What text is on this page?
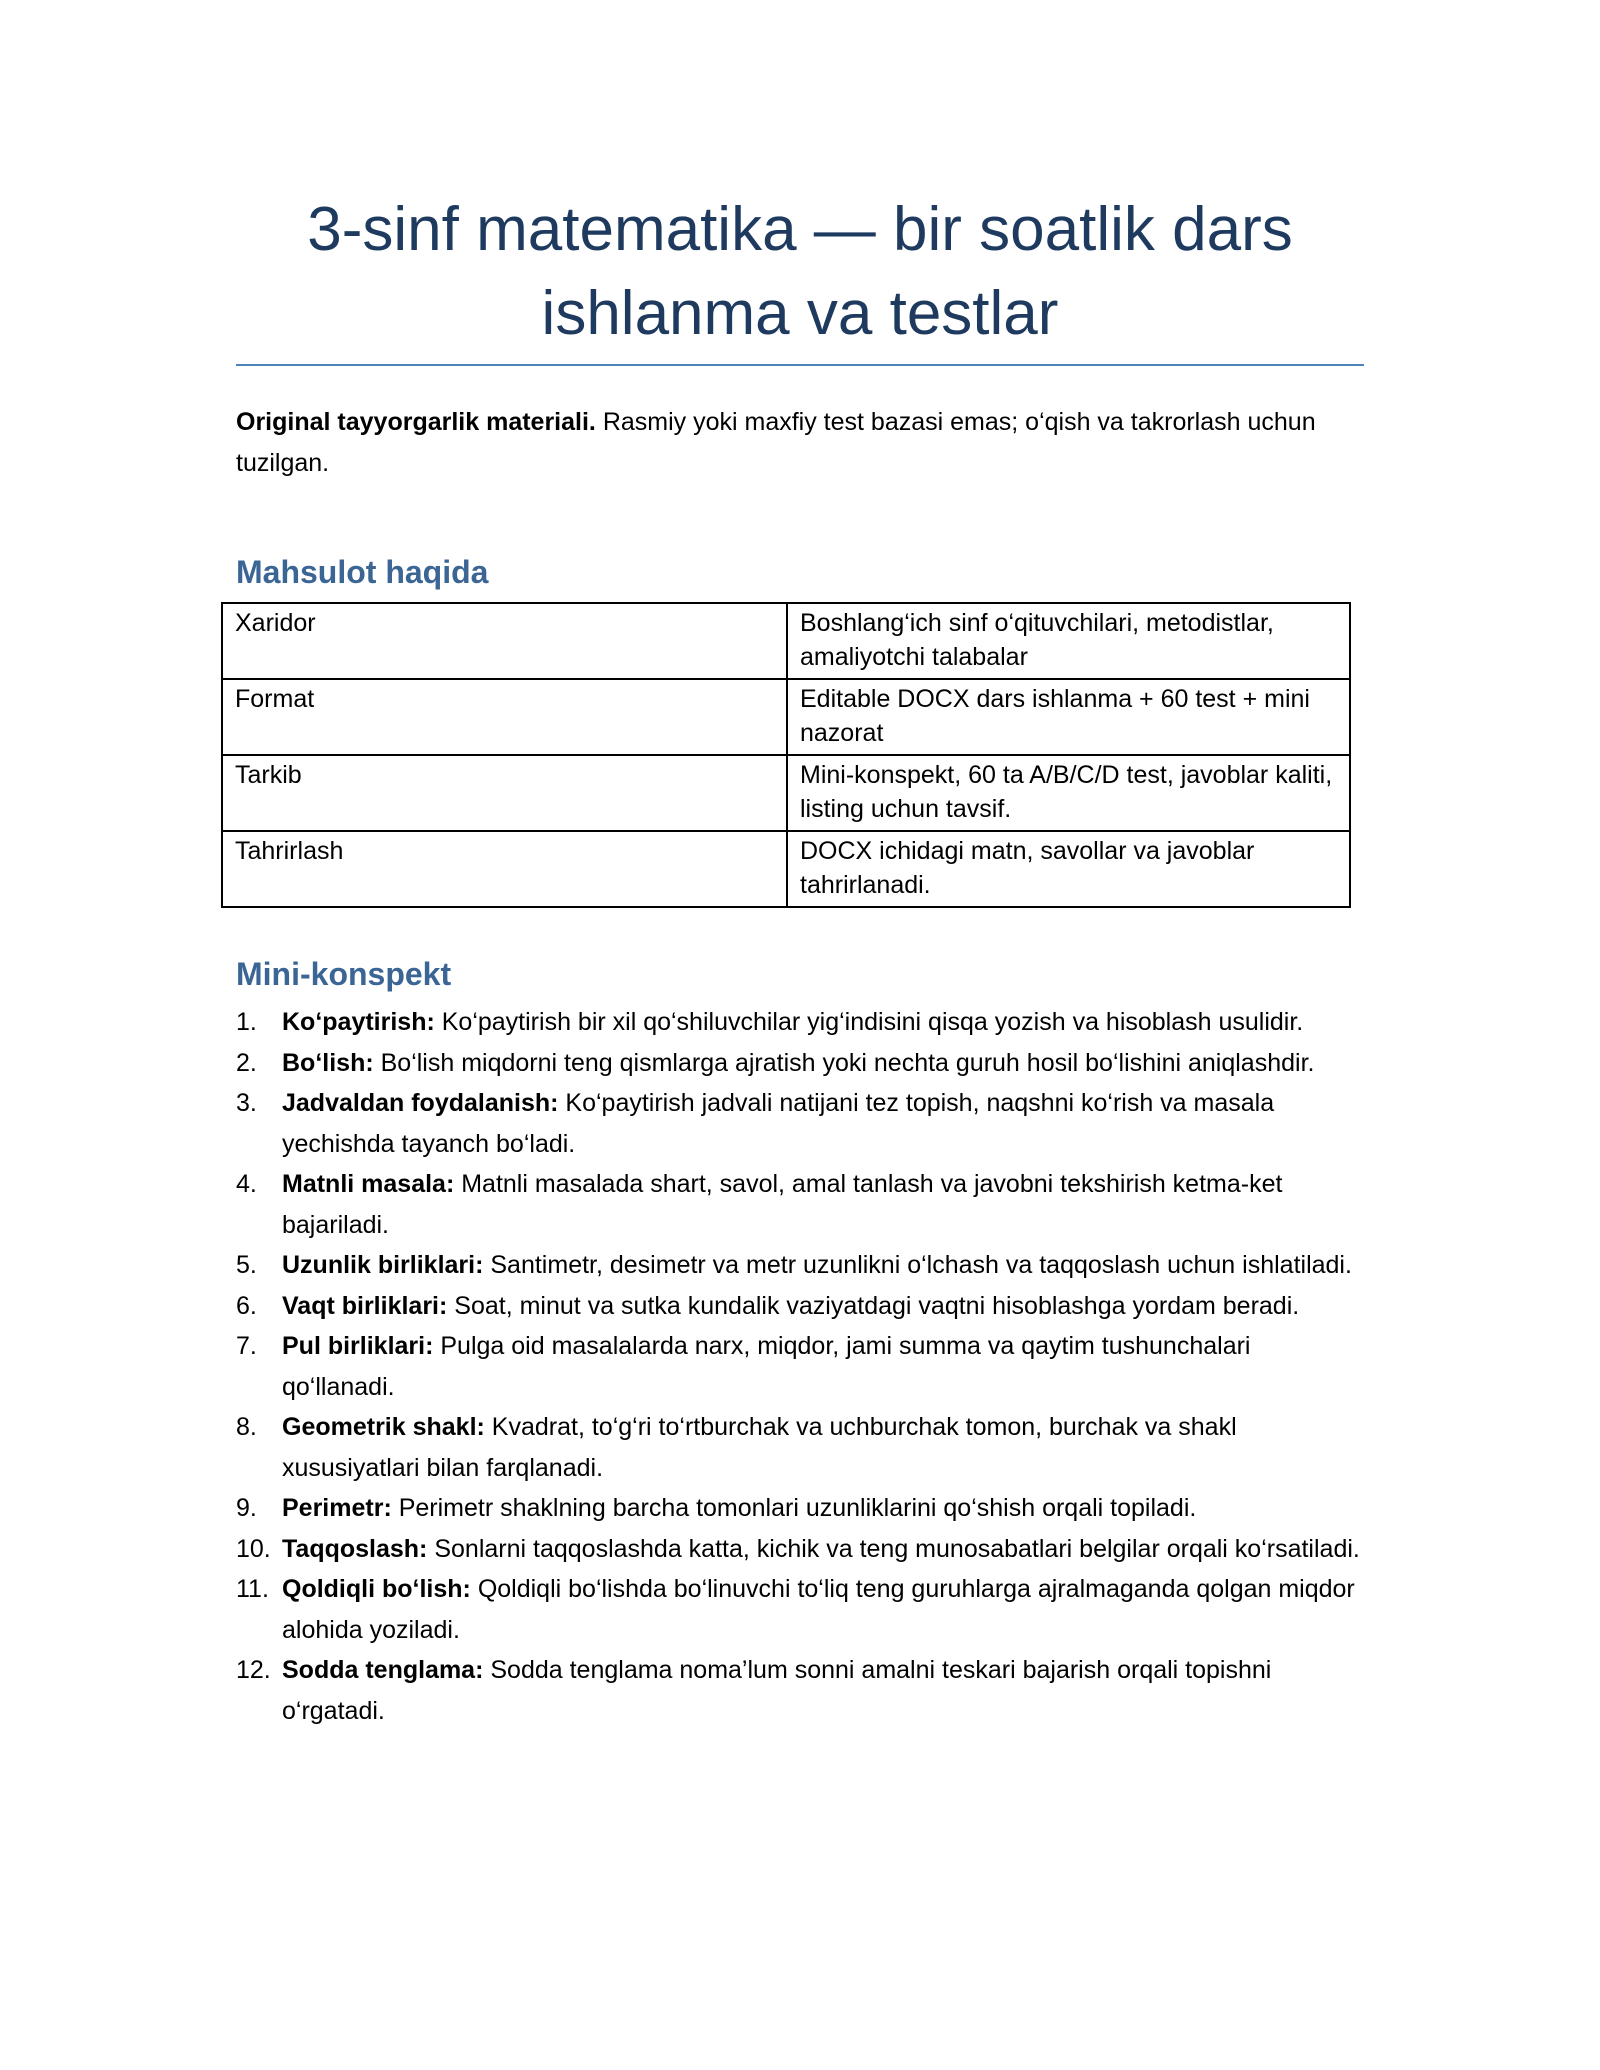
3-sinf matematika — bir soatlik dars ishlanma va testlar

Original tayyorgarlik materiali. Rasmiy yoki maxfiy test bazasi emas; o‘qish va takrorlash uchun tuzilgan.

Mahsulot haqida
Xaridor	Boshlang‘ich sinf o‘qituvchilari, metodistlar, amaliyotchi talabalar
Format	Editable DOCX dars ishlanma + 60 test + mini nazorat
Tarkib	Mini-konspekt, 60 ta A/B/C/D test, javoblar kaliti, listing uchun tavsif.
Tahrirlash	DOCX ichidagi matn, savollar va javoblar tahrirlanadi.
Mini-konspekt
1. Ko‘paytirish: Ko‘paytirish bir xil qo‘shiluvchilar yig‘indisini qisqa yozish va hisoblash usulidir.
2. Bo‘lish: Bo‘lish miqdorni teng qismlarga ajratish yoki nechta guruh hosil bo‘lishini aniqlashdir.
3. Jadvaldan foydalanish: Ko‘paytirish jadvali natijani tez topish, naqshni ko‘rish va masala yechishda tayanch bo‘ladi.
4. Matnli masala: Matnli masalada shart, savol, amal tanlash va javobni tekshirish ketma-ket bajariladi.
5. Uzunlik birliklari: Santimetr, desimetr va metr uzunlikni o‘lchash va taqqoslash uchun ishlatiladi.
6. Vaqt birliklari: Soat, minut va sutka kundalik vaziyatdagi vaqtni hisoblashga yordam beradi.
7. Pul birliklari: Pulga oid masalalarda narx, miqdor, jami summa va qaytim tushunchalari qo‘llanadi.
8. Geometrik shakl: Kvadrat, to‘g‘ri to‘rtburchak va uchburchak tomon, burchak va shakl xususiyatlari bilan farqlanadi.
9. Perimetr: Perimetr shaklning barcha tomonlari uzunliklarini qo‘shish orqali topiladi.
10. Taqqoslash: Sonlarni taqqoslashda katta, kichik va teng munosabatlari belgilar orqali ko‘rsatiladi.
11. Qoldiqli bo‘lish: Qoldiqli bo‘lishda bo‘linuvchi to‘liq teng guruhlarga ajralmaganda qolgan miqdor alohida yoziladi.
12. Sodda tenglama: Sodda tenglama noma’lum sonni amalni teskari bajarish orqali topishni o‘rgatadi.
